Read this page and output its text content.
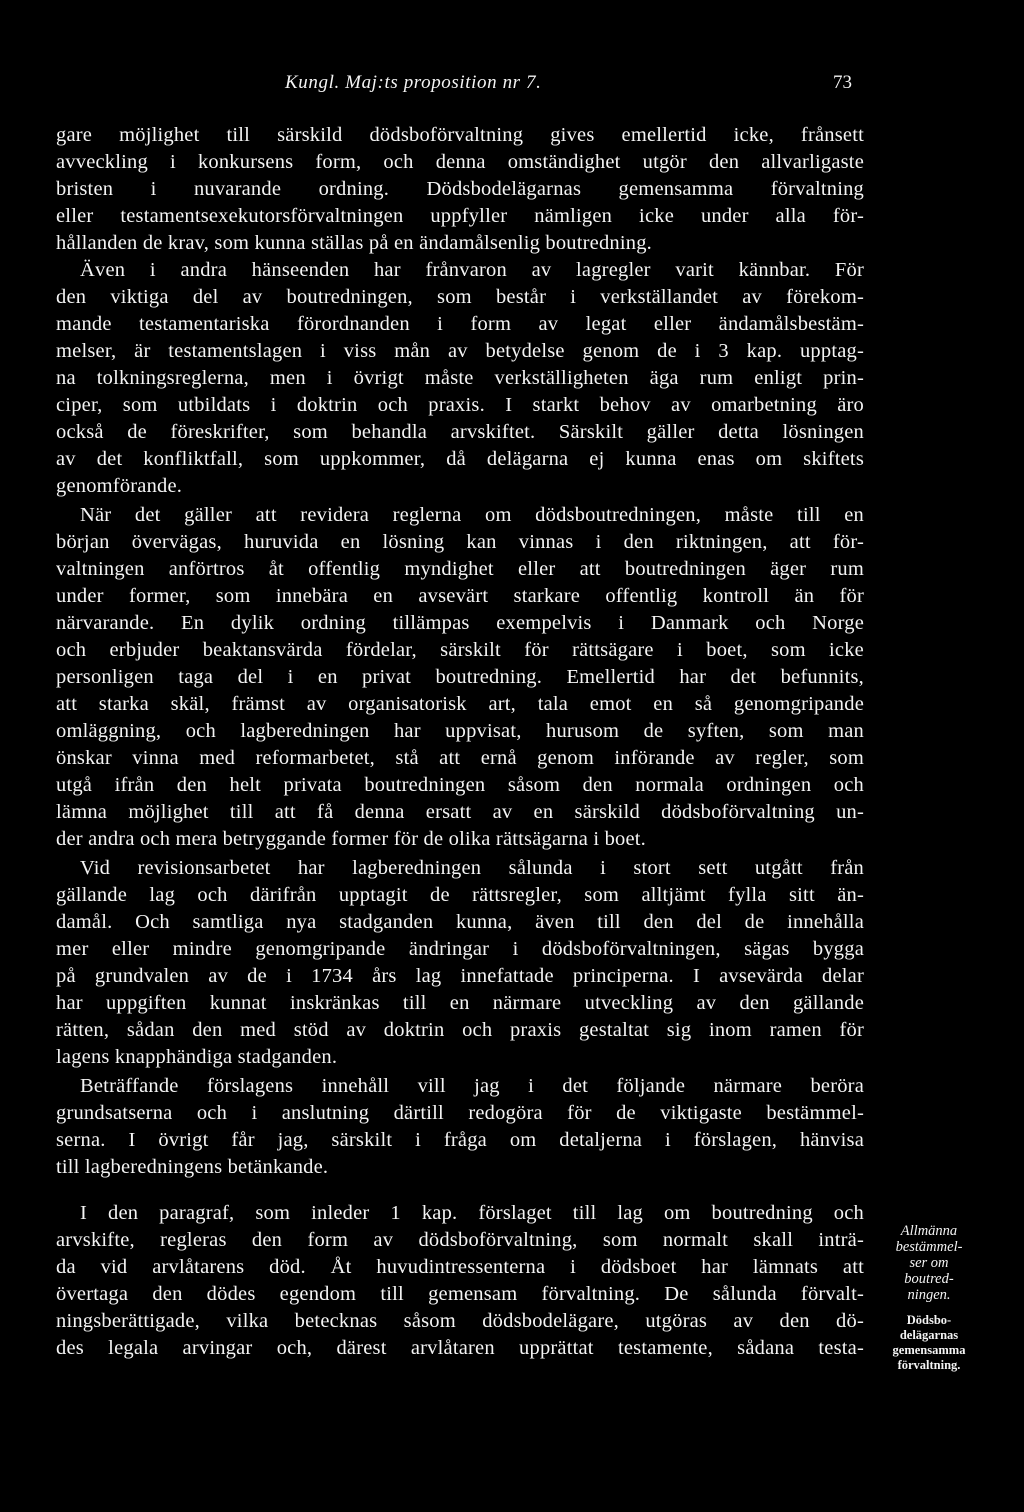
Kungl. Maj:ts proposition nr 7.	73
gare möjlighet till särskild dödsboförvaltning gives emellertid icke, frånsett
avveckling i konkursens form, och denna omständighet utgör den allvarligaste
bristen i nuvarande ordning. Dödsbodelägarnas gemensamma förvaltning
eller testamentsexekutorsförvaltningen uppfyller nämligen icke under alla för-
hållanden de krav, som kunna ställas på en ändamålsenlig boutredning.
Även i andra hänseenden har frånvaron av lagregler varit kännbar. För
den viktiga del av boutredningen, som består i verkställandet av förekom-
mande testamentariska förordnanden i form av legat eller ändamålsbestäm-
melser, är testamentslagen i viss mån av betydelse genom de i 3 kap. upptag-
na tolkningsreglerna, men i övrigt måste verkställigheten äga rum enligt prin-
ciper, som utbildats i doktrin och praxis. I starkt behov av omarbetning äro
också de föreskrifter, som behandla arvskiftet. Särskilt gäller detta lösningen
av det konfliktfall, som uppkommer, då delägarna ej kunna enas om skiftets
genomförande.
När det gäller att revidera reglerna om dödsboutredningen, måste till en
början övervägas, huruvida en lösning kan vinnas i den riktningen, att för-
valtningen anförtros åt offentlig myndighet eller att boutredningen äger rum
under former, som innebära en avsevärt starkare offentlig kontroll än för
närvarande. En dylik ordning tillämpas exempelvis i Danmark och Norge
och erbjuder beaktansvärda fördelar, särskilt för rättsägare i boet, som icke
personligen taga del i en privat boutredning. Emellertid har det befunnits,
att starka skäl, främst av organisatorisk art, tala emot en så genomgripande
omläggning, och lagberedningen har uppvisat, hurusom de syften, som man
önskar vinna med reformarbetet, stå att ernå genom införande av regler, som
utgå ifrån den helt privata boutredningen såsom den normala ordningen och
lämna möjlighet till att få denna ersatt av en särskild dödsboförvaltning un-
der andra och mera betryggande former för de olika rättsägarna i boet.
Vid revisionsarbetet har lagberedningen sålunda i stort sett utgått från
gällande lag och därifrån upptagit de rättsregler, som alltjämt fylla sitt än-
damål. Och samtliga nya stadganden kunna, även till den del de innehålla
mer eller mindre genomgripande ändringar i dödsboförvaltningen, sägas bygga
på grundvalen av de i 1734 års lag innefattade principerna. I avsevärda delar
har uppgiften kunnat inskränkas till en närmare utveckling av den gällande
rätten, sådan den med stöd av doktrin och praxis gestaltat sig inom ramen för
lagens knapphändiga stadganden.
Beträffande förslagens innehåll vill jag i det följande närmare beröra
grundsatserna och i anslutning därtill redogöra för de viktigaste bestämmel-
serna. I övrigt får jag, särskilt i fråga om detaljerna i förslagen, hänvisa
till lagberedningens betänkande.
I den paragraf, som inleder 1 kap. förslaget till lag om boutredning och
arvskifte, regleras den form av dödsboförvaltning, som normalt skall inträ-
da vid arvlåtarens död. Åt huvudintressenterna i dödsboet har lämnats att
övertaga den dödes egendom till gemensam förvaltning. De sålunda förvalt-
ningsberättigade, vilka betecknas såsom dödsbodelägare, utgöras av den dö-
des legala arvingar och, därest arvlåtaren upprättat testamente, sådana testa-
Allmänna
bestämmel-
ser om
boutred-
ningen.
Dödsbo-
delägarnas
gemensamma
förvaltning.
